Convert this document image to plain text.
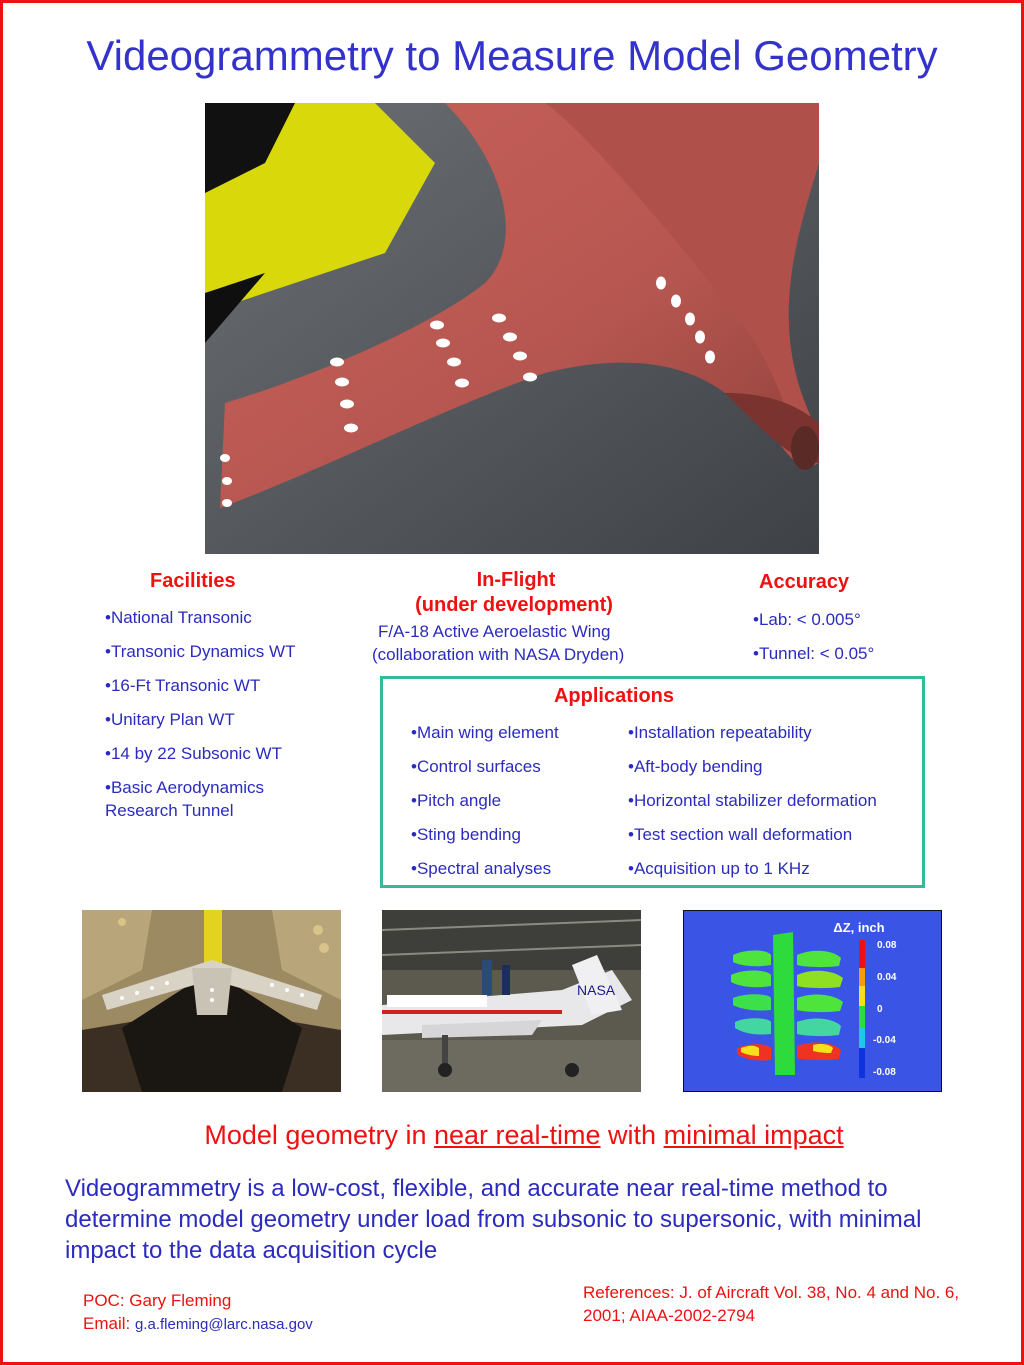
Videogrammetry to Measure Model Geometry
Facilities
•National Transonic
•Transonic Dynamics WT
•16-Ft Transonic WT
•Unitary Plan WT
•14 by 22 Subsonic WT
•Basic Aerodynamics
Research Tunnel
In-Flight
(under development)
F/A-18 Active Aeroelastic Wing
(collaboration with NASA Dryden)
Accuracy
•Lab: < 0.005°
•Tunnel: < 0.05°
Applications
•Main wing element
•Control surfaces
•Pitch angle
•Sting bending
•Spectral analyses
•Installation repeatability
•Aft-body bending
•Horizontal stabilizer deformation
•Test section wall deformation
•Acquisition up to 1 KHz
NASA
ΔZ, inch
0.08
0.04
0
-0.04
-0.08
Model geometry in near real-time with minimal impact
Videogrammetry is a low-cost, flexible, and accurate near real-time method to determine model geometry under load from subsonic to supersonic, with minimal impact to the data acquisition cycle
POC: Gary Fleming
Email: g.a.fleming@larc.nasa.gov
References: J. of Aircraft Vol. 38, No. 4 and No. 6, 2001; AIAA-2002-2794
